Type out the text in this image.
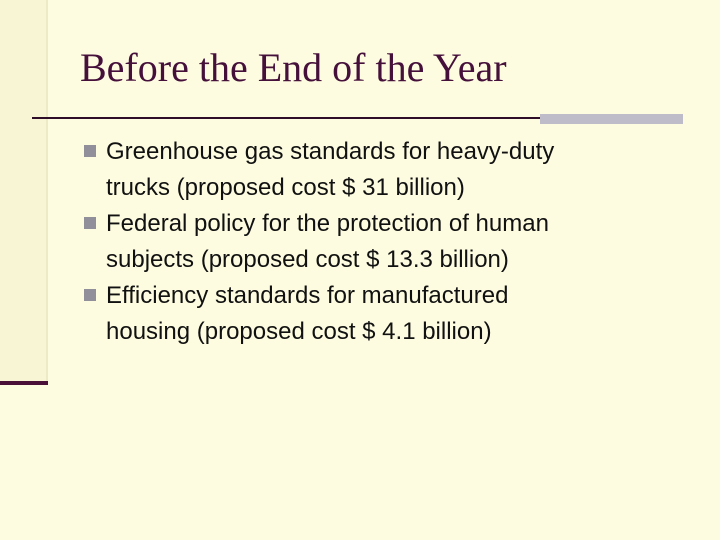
Before the End of the Year
Greenhouse gas standards for heavy-duty
trucks (proposed cost $ 31 billion)
Federal policy for the protection of human
subjects (proposed cost $ 13.3 billion)
Efficiency standards for manufactured
housing (proposed cost $ 4.1 billion)
